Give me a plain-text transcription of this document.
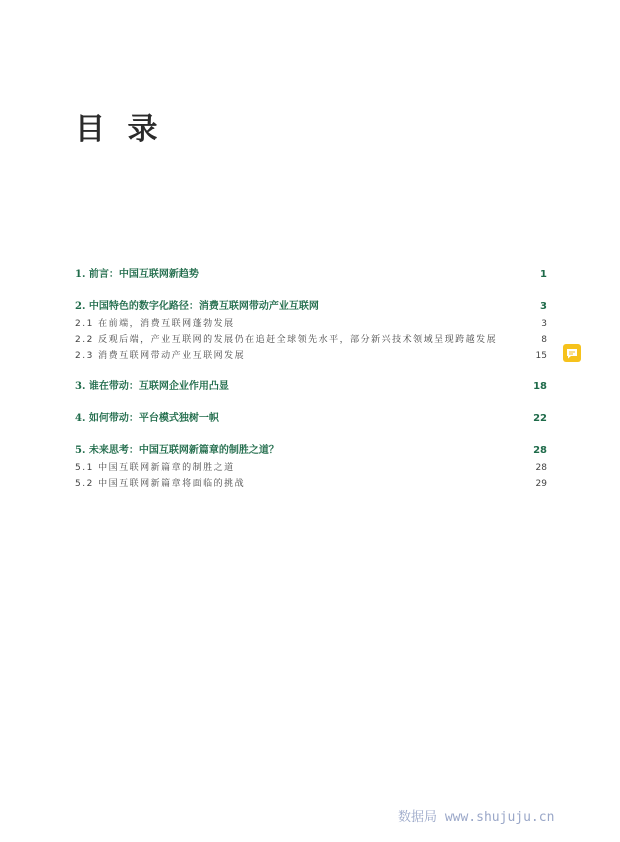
目 录
1. 前言：中国互联网新趋势	1
2. 中国特色的数字化路径：消费互联网带动产业互联网	3
2.1 在前端，消费互联网蓬勃发展	3
2.2 反观后端，产业互联网的发展仍在追赶全球领先水平，部分新兴技术领域呈现跨越发展	8
2.3 消费互联网带动产业互联网发展	15
3. 谁在带动：互联网企业作用凸显	18
4. 如何带动：平台模式独树一帜	22
5. 未来思考：中国互联网新篇章的制胜之道？	28
5.1 中国互联网新篇章的制胜之道	28
5.2 中国互联网新篇章将面临的挑战	29
数据局 www.shujuju.cn
